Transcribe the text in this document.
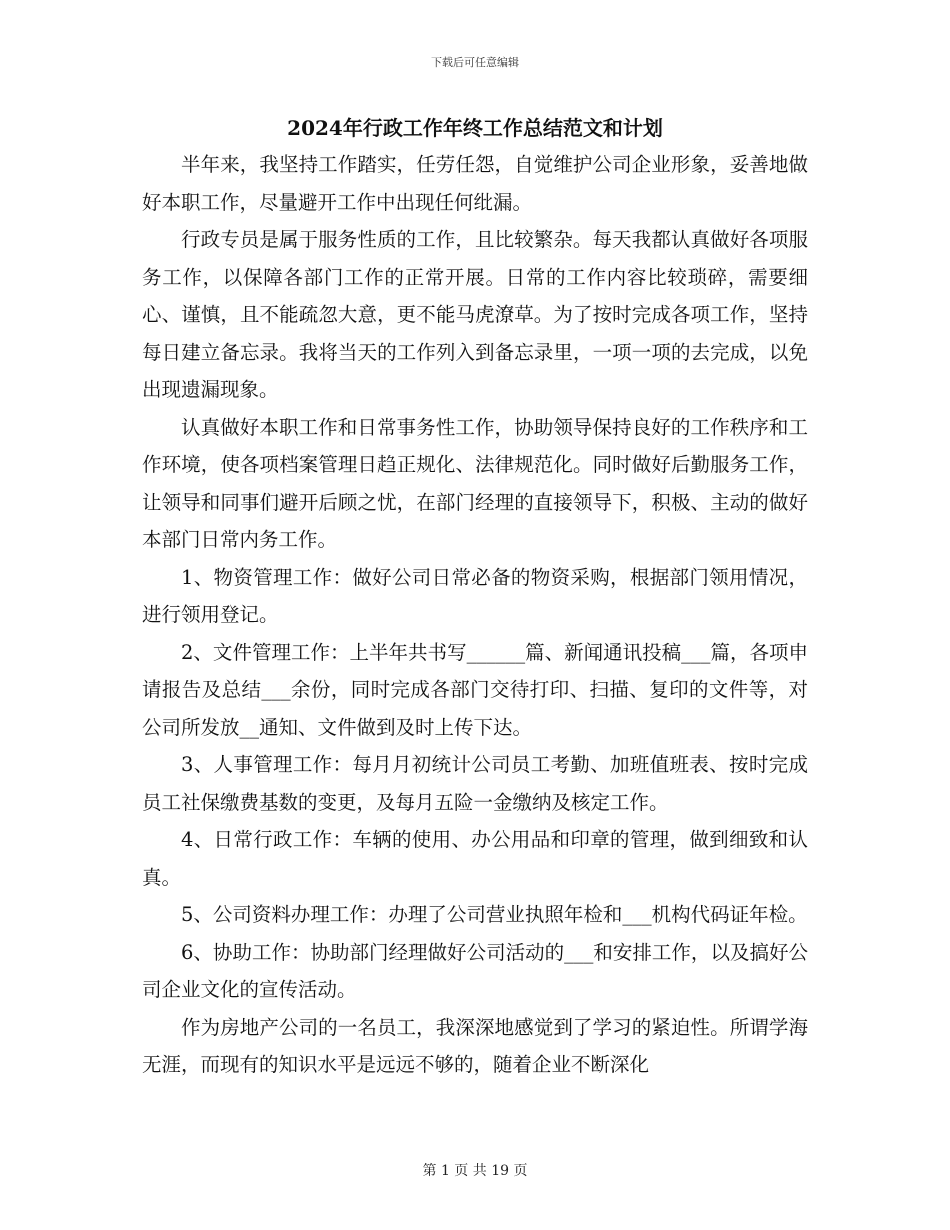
下载后可任意编辑
2024年行政工作年终工作总结范文和计划

半年来，我坚持工作踏实，任劳任怨，自觉维护公司企业形象，妥善地做好本职工作，尽量避开工作中出现任何纰漏。

行政专员是属于服务性质的工作，且比较繁杂。每天我都认真做好各项服务工作，以保障各部门工作的正常开展。日常的工作内容比较琐碎，需要细心、谨慎，且不能疏忽大意，更不能马虎潦草。为了按时完成各项工作，坚持每日建立备忘录。我将当天的工作列入到备忘录里，一项一项的去完成，以免出现遗漏现象。

认真做好本职工作和日常事务性工作，协助领导保持良好的工作秩序和工作环境，使各项档案管理日趋正规化、法律规范化。同时做好后勤服务工作，让领导和同事们避开后顾之忧，在部门经理的直接领导下，积极、主动的做好本部门日常内务工作。

1、物资管理工作：做好公司日常必备的物资采购，根据部门领用情况，进行领用登记。

2、文件管理工作：上半年共书写______篇、新闻通讯投稿___篇，各项申请报告及总结___余份，同时完成各部门交待打印、扫描、复印的文件等，对公司所发放__通知、文件做到及时上传下达。

3、人事管理工作：每月月初统计公司员工考勤、加班值班表、按时完成员工社保缴费基数的变更，及每月五险一金缴纳及核定工作。

4、日常行政工作：车辆的使用、办公用品和印章的管理，做到细致和认真。

5、公司资料办理工作：办理了公司营业执照年检和___机构代码证年检。

6、协助工作：协助部门经理做好公司活动的___和安排工作，以及搞好公司企业文化的宣传活动。

作为房地产公司的一名员工，我深深地感觉到了学习的紧迫性。所谓学海无涯，而现有的知识水平是远远不够的，随着企业不断深化

第 1 页 共 19 页
